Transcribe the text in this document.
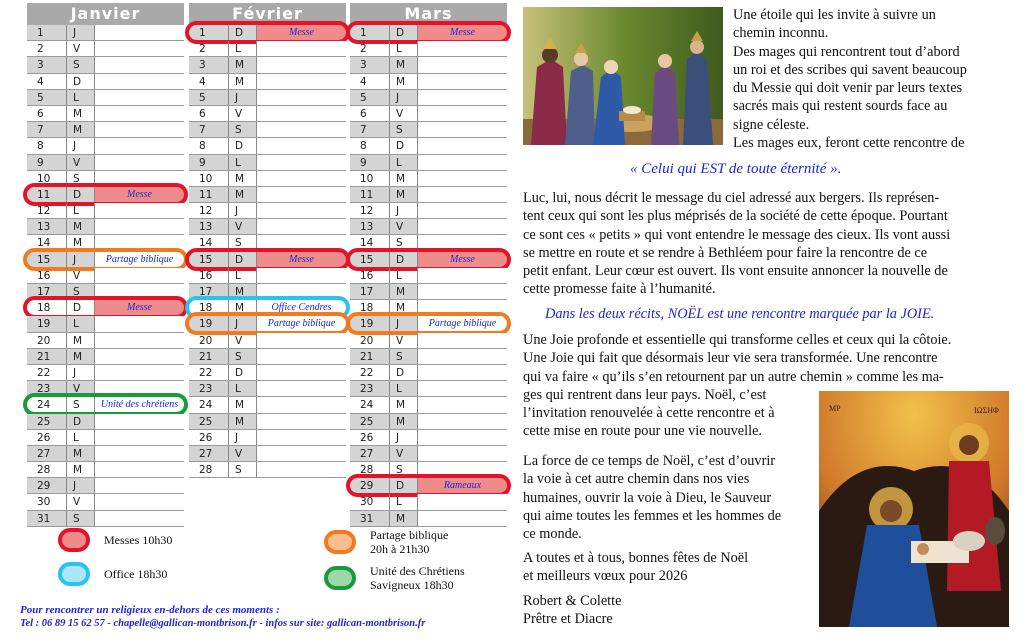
Janvier
1	J
2	V
3	S
4	D
5	L
6	M
7	M
8	J
9	V
10	S
11	D	Messe
12	L
13	M
14	M
15	J	Partage biblique
16	V
17	S
18	D	Messe
19	L
20	M
21	M
22	J
23	V
24	S	Unité des chrétiens
25	D
26	L
27	M
28	M
29	J
30	V
31	S
Février
1	D	Messe
2	L
3	M
4	M
5	J
6	V
7	S
8	D
9	L
10	M
11	M
12	J
13	V
14	S
15	D	Messe
16	L
17	M
18	M	Office Cendres
19	J	Partage biblique
20	V
21	S
22	D
23	L
24	M
25	M
26	J
27	V
28	S
Mars
1	D	Messe
2	L
3	M
4	M
5	J
6	V
7	S
8	D
9	L
10	M
11	M
12	J
13	V
14	S
15	D	Messe
16	L
17	M
18	M
19	J	Partage biblique
20	V
21	S
22	D
23	L
24	M
25	M
26	J
27	V
28	S
29	D	Rameaux
30	L
31	M
Messes 10h30
Office 18h30
Partage biblique
20h à 21h30
Unité des Chrétiens
Savigneux 18h30
Pour rencontrer un religieux en-dehors de ces moments :
Tel : 06 89 15 62 57 - chapelle@gallican-montbrison.fr - infos sur site: gallican-montbrison.fr
Une étoile qui les invite à suivre un
chemin inconnu.
Des mages qui rencontrent tout d’abord
un roi et des scribes qui savent beaucoup
du Messie qui doit venir par leurs textes
sacrés mais qui restent sourds face au
signe céleste.
Les mages eux, feront cette rencontre de
« Celui qui EST de toute éternité ».
Luc, lui, nous décrit le message du ciel adressé aux bergers. Ils représen-
tent ceux qui sont les plus méprisés de la société de cette époque. Pourtant
ce sont ces « petits » qui vont entendre le message des cieux. Ils vont aussi
se mettre en route et se rendre à Bethléem pour faire la rencontre de ce
petit enfant. Leur cœur est ouvert. Ils vont ensuite annoncer la nouvelle de
cette promesse faite à l’humanité.
Dans les deux récits, NOËL est une rencontre marquée par la JOIE.
Une Joie profonde et essentielle qui transforme celles et ceux qui la côtoie.
Une Joie qui fait que désormais leur vie sera transformée. Une rencontre
qui va faire « qu’ils s’en retournent par un autre chemin » comme les ma-
ges qui rentrent dans leur pays. Noël, c’est
l’invitation renouvelée à cette rencontre et à
cette mise en route pour une vie nouvelle.
La force de ce temps de Noël, c’est d’ouvrir
la voie à cet autre chemin dans nos vies
humaines, ouvrir la voie à Dieu, le Sauveur
qui aime toutes les femmes et les hommes de
ce monde.
A toutes et à tous, bonnes fêtes de Noël
et meilleurs vœux pour 2026
Robert & Colette
Prêtre et Diacre
ΜΡ	ΙΩΣΗΦ
